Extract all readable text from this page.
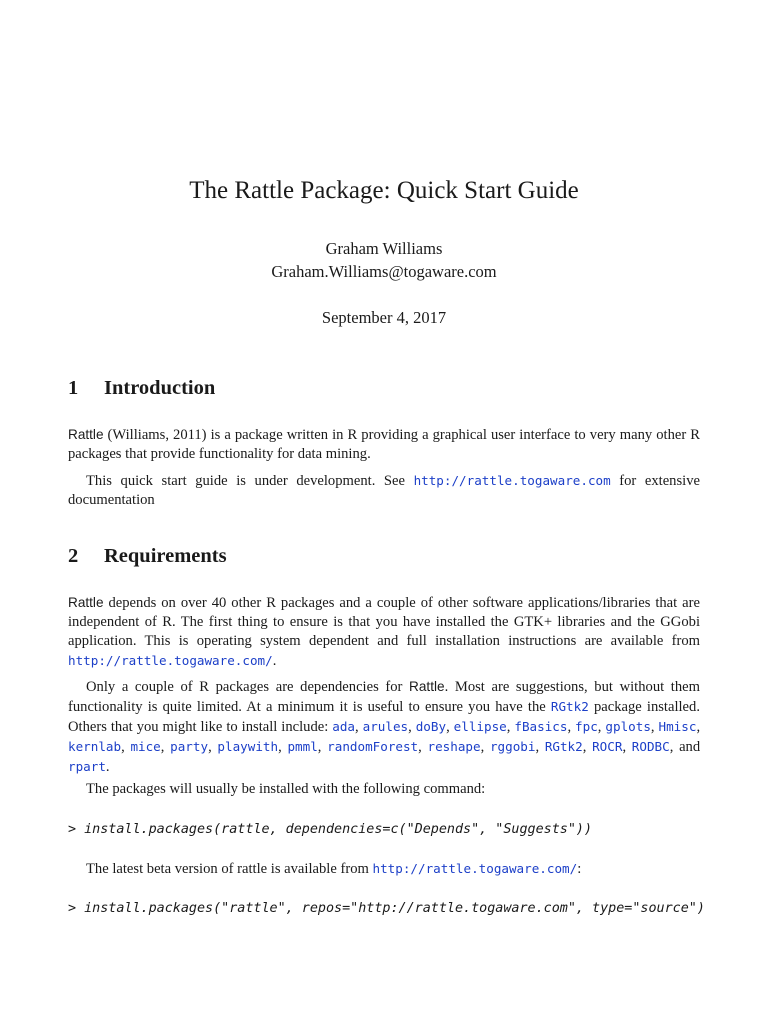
The Rattle Package: Quick Start Guide
Graham Williams
Graham.Williams@togaware.com
September 4, 2017
1 Introduction

Rattle (Williams, 2011) is a package written in R providing a graphical user interface to very many other R packages that provide functionality for data mining.

This quick start guide is under development. See http://rattle.togaware.com for extensive documentation

2 Requirements

Rattle depends on over 40 other R packages and a couple of other software applications/libraries that are independent of R. The first thing to ensure is that you have installed the GTK+ libraries and the GGobi application. This is operating system dependent and full installation instructions are available from http://rattle.togaware.com/.

Only a couple of R packages are dependencies for Rattle. Most are suggestions, but without them functionality is quite limited. At a minimum it is useful to ensure you have the RGtk2 package installed. Others that you might like to install include: ada, arules, doBy, ellipse, fBasics, fpc, gplots, Hmisc, kernlab, mice, party, playwith, pmml, randomForest, reshape, rggobi, RGtk2, ROCR, RODBC, and rpart.

The packages will usually be installed with the following command:

> install.packages(rattle, dependencies=c("Depends", "Suggests"))

The latest beta version of rattle is available from http://rattle.togaware.com/:

> install.packages("rattle", repos="http://rattle.togaware.com", type="source")
